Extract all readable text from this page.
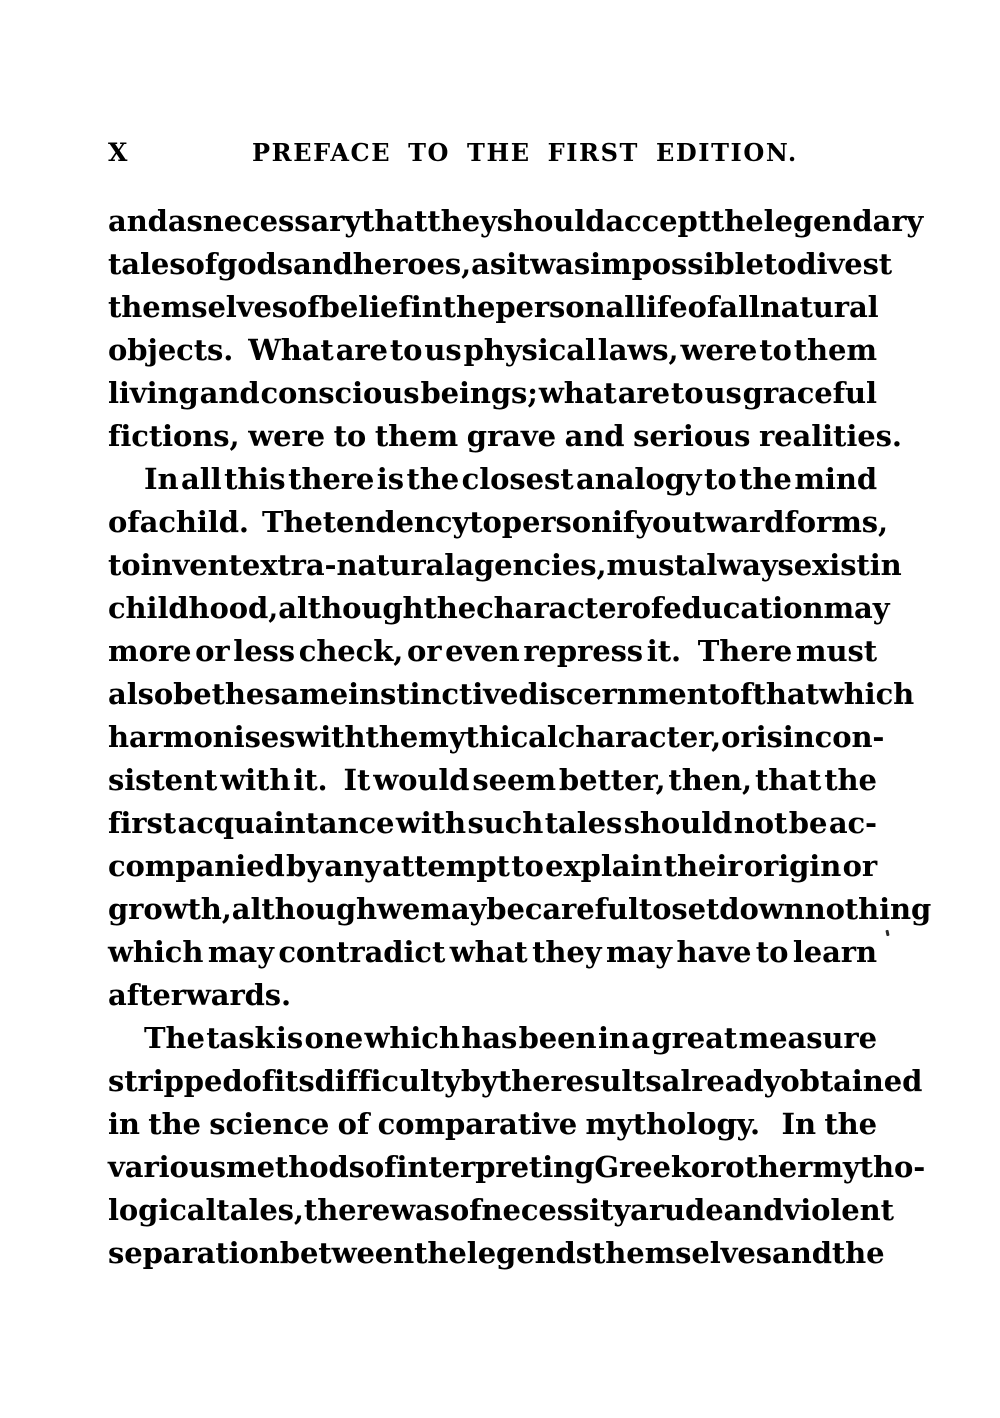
X	PREFACE TO THE FIRST EDITION.
and as necessary that they should accept the legendary
tales of gods and heroes, as it was impossible to divest
themselves of belief in the personal life of all natural
objects. What are to us physical laws, were to them
living and conscious beings; what are to us graceful
fictions, were to them grave and serious realities.
In all this there is the closest analogy to the mind
of a child. The tendency to personify outward forms,
to invent extra-natural agencies, must always exist in
childhood, although the character of education may
more or less check, or even repress it. There must
also be the same instinctive discernment of that which
harmonises with the mythical character, or is incon-
sistent with it. It would seem better, then, that the
first acquaintance with such tales should not be ac-
companied by any attempt to explain their origin or
growth, although we may be careful to set down nothing
which may contradict what they may have to learn
afterwards.
The task is one which has been in a great measure
stripped of its difficulty by the results already obtained
in the science of comparative mythology. In the
various methods of interpreting Greek or other mytho-
logical tales, there was of necessity a rude and violent
separation between the legends themselves and the
